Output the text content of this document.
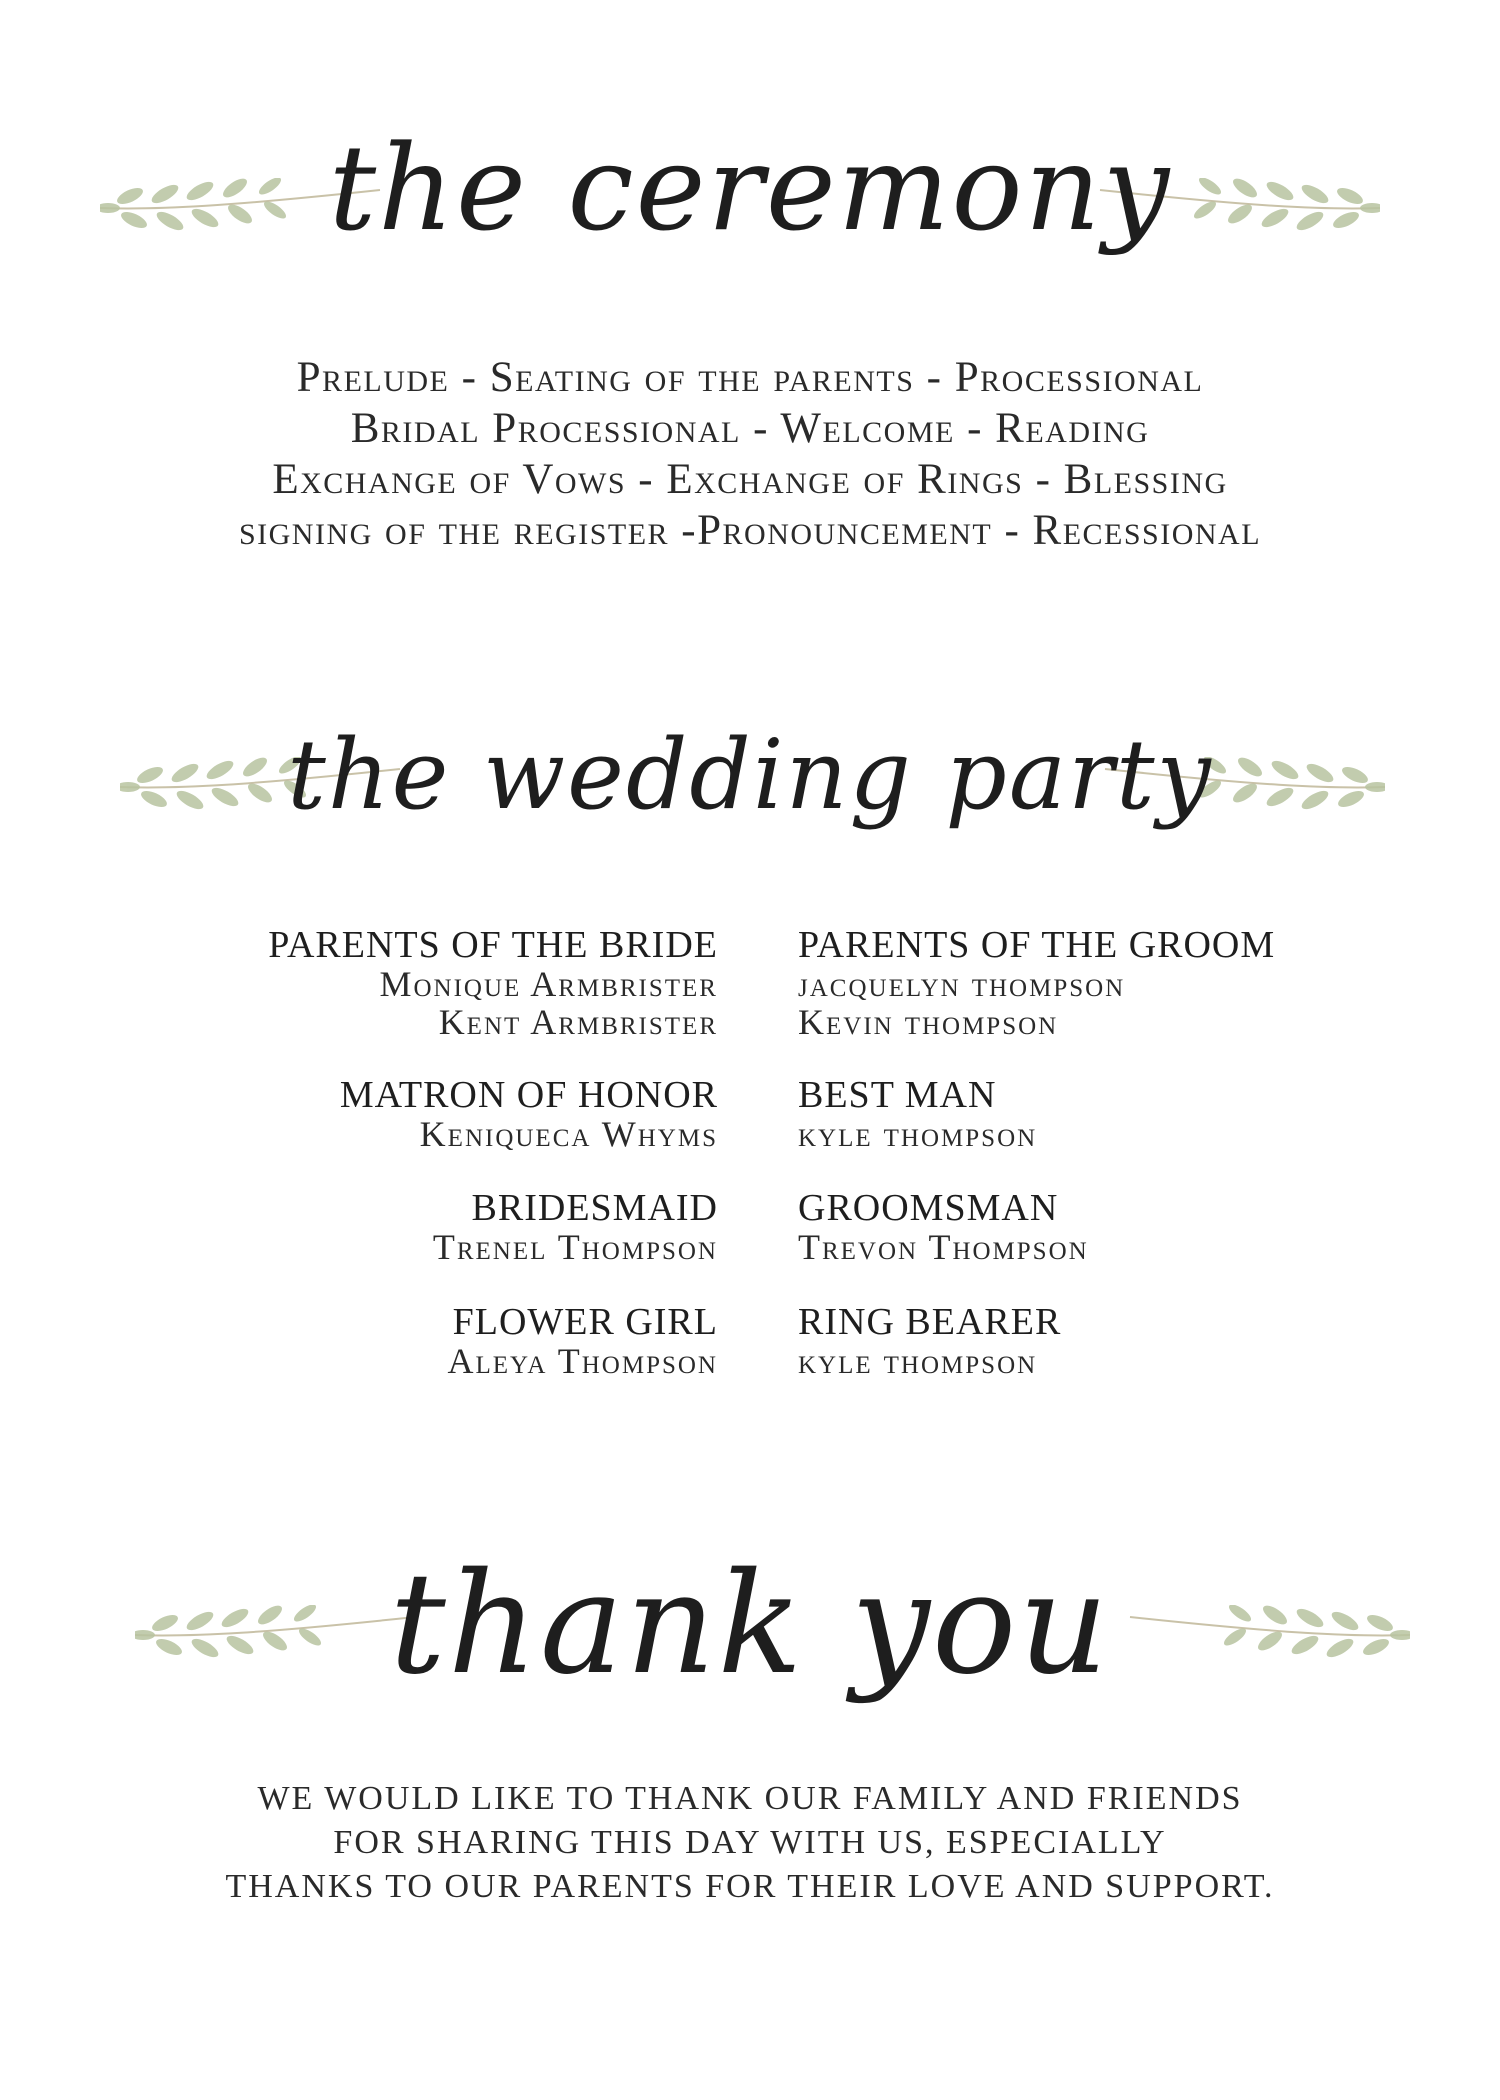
the ceremony
Prelude - Seating of the parents - Processional
Bridal Processional - Welcome - Reading
Exchange of Vows - Exchange of Rings - Blessing
signing of the register -Pronouncement - Recessional
the wedding party
PARENTS OF THE BRIDE
Monique Armbrister
Kent Armbrister
MATRON OF HONOR
Keniqueca Whyms
BRIDESMAID
Trenel Thompson
FLOWER GIRL
Aleya Thompson
PARENTS OF THE GROOM
jacquelyn thompson
Kevin thompson
BEST MAN
kyle thompson
GROOMSMAN
Trevon Thompson
RING BEARER
kyle thompson
thank you
WE WOULD LIKE TO THANK OUR FAMILY AND FRIENDS
FOR SHARING THIS DAY WITH US, ESPECIALLY
THANKS TO OUR PARENTS FOR THEIR LOVE AND SUPPORT.
